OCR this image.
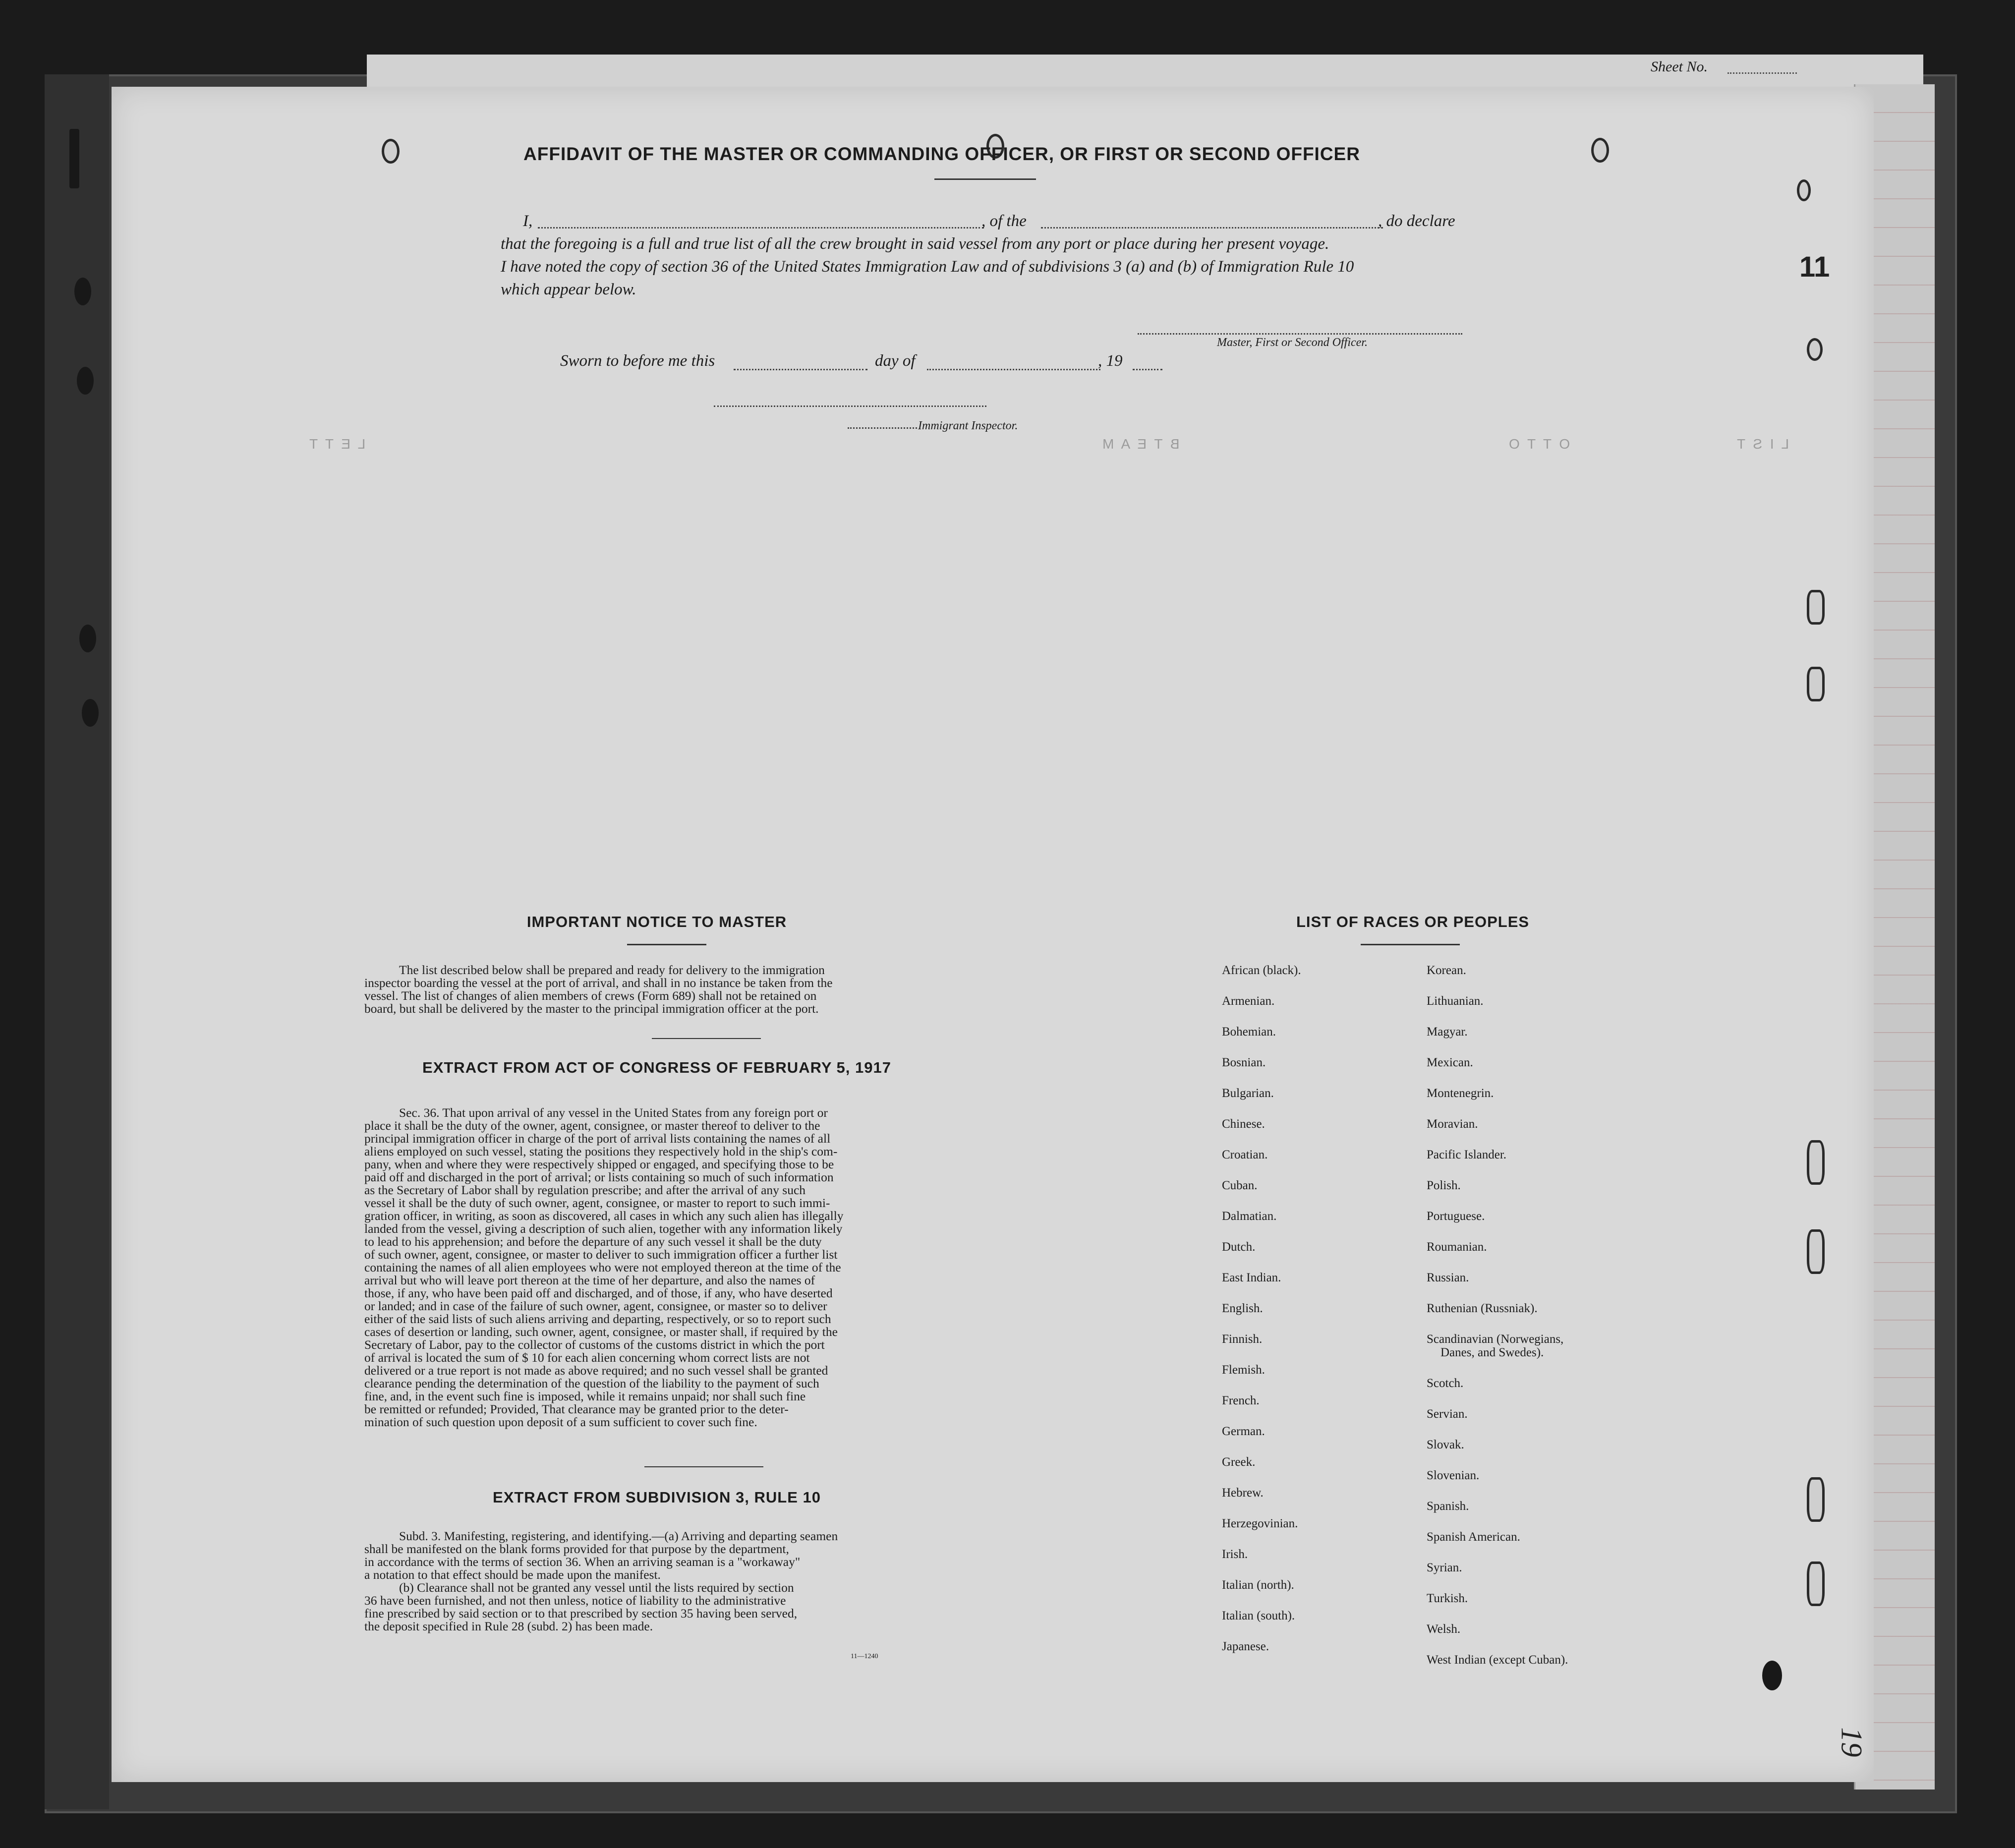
Sheet No.
11
19
AFFIDAVIT OF THE MASTER OR COMMANDING OFFICER, OR FIRST OR SECOND OFFICER
I,	, of the	, do declare
that the foregoing is a full and true list of all the crew brought in said vessel from any port or place during her present voyage.
I have noted the copy of section 36 of the United States Immigration Law and of subdivisions 3 (a) and (b) of Immigration Rule 10
which appear below.
Master, First or Second Officer.
Sworn to before me this	day of	, 19
Immigrant Inspector.
L I S T
O T T O
B T E A M
L E T T
IMPORTANT NOTICE TO MASTER
The list described below shall be prepared and ready for delivery to the immigration
inspector boarding the vessel at the port of arrival, and shall in no instance be taken from the
vessel. The list of changes of alien members of crews (Form 689) shall not be retained on
board, but shall be delivered by the master to the principal immigration officer at the port.
EXTRACT FROM ACT OF CONGRESS OF FEBRUARY 5, 1917
Sec. 36. That upon arrival of any vessel in the United States from any foreign port or
place it shall be the duty of the owner, agent, consignee, or master thereof to deliver to the
principal immigration officer in charge of the port of arrival lists containing the names of all
aliens employed on such vessel, stating the positions they respectively hold in the ship's com-
pany, when and where they were respectively shipped or engaged, and specifying those to be
paid off and discharged in the port of arrival; or lists containing so much of such information
as the Secretary of Labor shall by regulation prescribe; and after the arrival of any such
vessel it shall be the duty of such owner, agent, consignee, or master to report to such immi-
gration officer, in writing, as soon as discovered, all cases in which any such alien has illegally
landed from the vessel, giving a description of such alien, together with any information likely
to lead to his apprehension; and before the departure of any such vessel it shall be the duty
of such owner, agent, consignee, or master to deliver to such immigration officer a further list
containing the names of all alien employees who were not employed thereon at the time of the
arrival but who will leave port thereon at the time of her departure, and also the names of
those, if any, who have been paid off and discharged, and of those, if any, who have deserted
or landed; and in case of the failure of such owner, agent, consignee, or master so to deliver
either of the said lists of such aliens arriving and departing, respectively, or so to report such
cases of desertion or landing, such owner, agent, consignee, or master shall, if required by the
Secretary of Labor, pay to the collector of customs of the customs district in which the port
of arrival is located the sum of $ 10 for each alien concerning whom correct lists are not
delivered or a true report is not made as above required; and no such vessel shall be granted
clearance pending the determination of the question of the liability to the payment of such
fine, and, in the event such fine is imposed, while it remains unpaid; nor shall such fine
be remitted or refunded; Provided, That clearance may be granted prior to the deter-
mination of such question upon deposit of a sum sufficient to cover such fine.
EXTRACT FROM SUBDIVISION 3, RULE 10
Subd. 3. Manifesting, registering, and identifying.—(a) Arriving and departing seamen
shall be manifested on the blank forms provided for that purpose by the department,
in accordance with the terms of section 36. When an arriving seaman is a "workaway"
a notation to that effect should be made upon the manifest.
(b) Clearance shall not be granted any vessel until the lists required by section
36 have been furnished, and not then unless, notice of liability to the administrative
fine prescribed by said section or to that prescribed by section 35 having been served,
the deposit specified in Rule 28 (subd. 2) has been made.
11—1240
LIST OF RACES OR PEOPLES
African (black).
Armenian.
Bohemian.
Bosnian.
Bulgarian.
Chinese.
Croatian.
Cuban.
Dalmatian.
Dutch.
East Indian.
English.
Finnish.
Flemish.
French.
German.
Greek.
Hebrew.
Herzegovinian.
Irish.
Italian (north).
Italian (south).
Japanese.
Korean.
Lithuanian.
Magyar.
Mexican.
Montenegrin.
Moravian.
Pacific Islander.
Polish.
Portuguese.
Roumanian.
Russian.
Ruthenian (Russniak).
Scandinavian (Norwegians,
Danes, and Swedes).
Scotch.
Servian.
Slovak.
Slovenian.
Spanish.
Spanish American.
Syrian.
Turkish.
Welsh.
West Indian (except Cuban).
